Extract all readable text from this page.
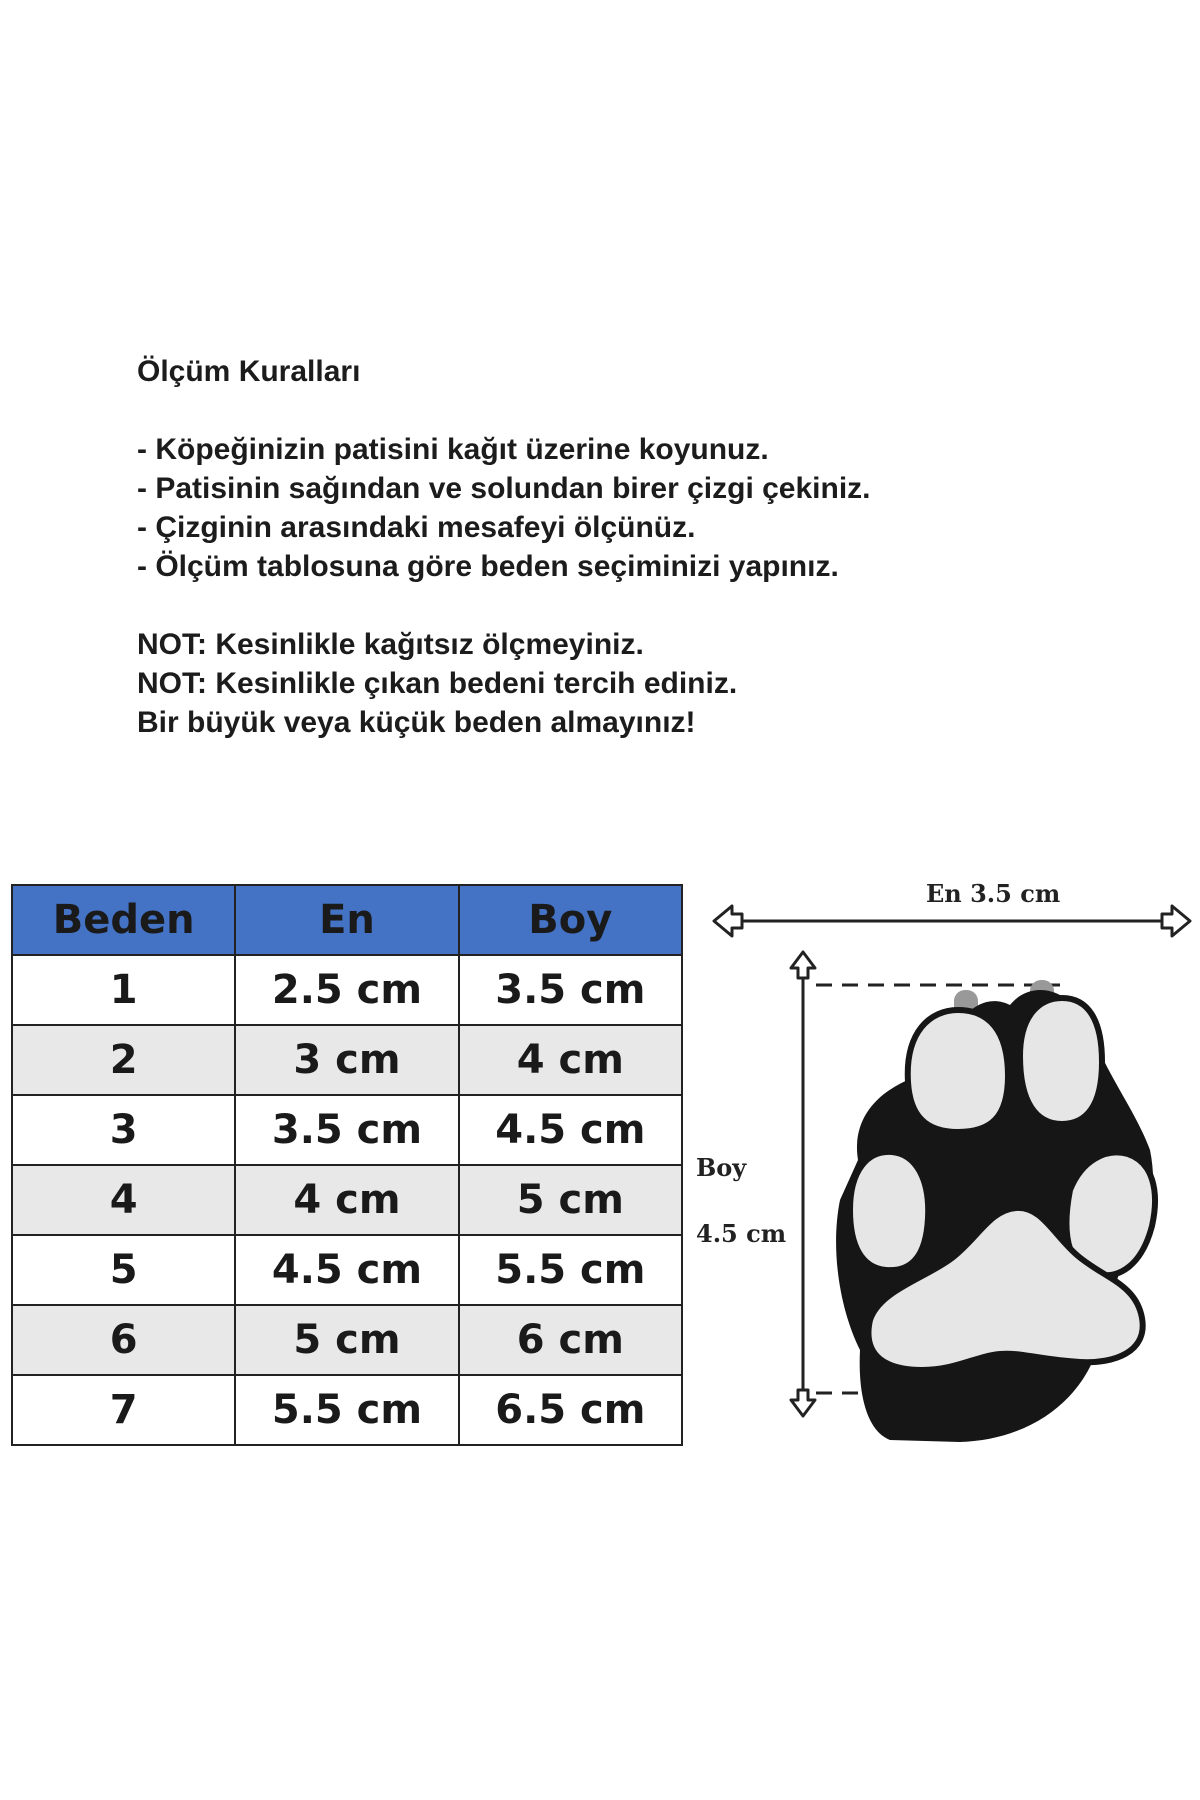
Ölçüm Kuralları

- Köpeğinizin patisini kağıt üzerine koyunuz.

- Patisinin sağından ve solundan birer çizgi çekiniz.

- Çizginin arasındaki mesafeyi ölçünüz.

- Ölçüm tablosuna göre beden seçiminizi yapınız.

NOT: Kesinlikle kağıtsız ölçmeyiniz.

NOT: Kesinlikle çıkan bedeni tercih ediniz.

Bir büyük veya küçük beden almayınız!

Beden	En	Boy
1	2.5 cm	3.5 cm
2	3 cm	4 cm
3	3.5 cm	4.5 cm
4	4 cm	5 cm
5	4.5 cm	5.5 cm
6	5 cm	6 cm
7	5.5 cm	6.5 cm
En 3.5 cm
Boy
4.5 cm
